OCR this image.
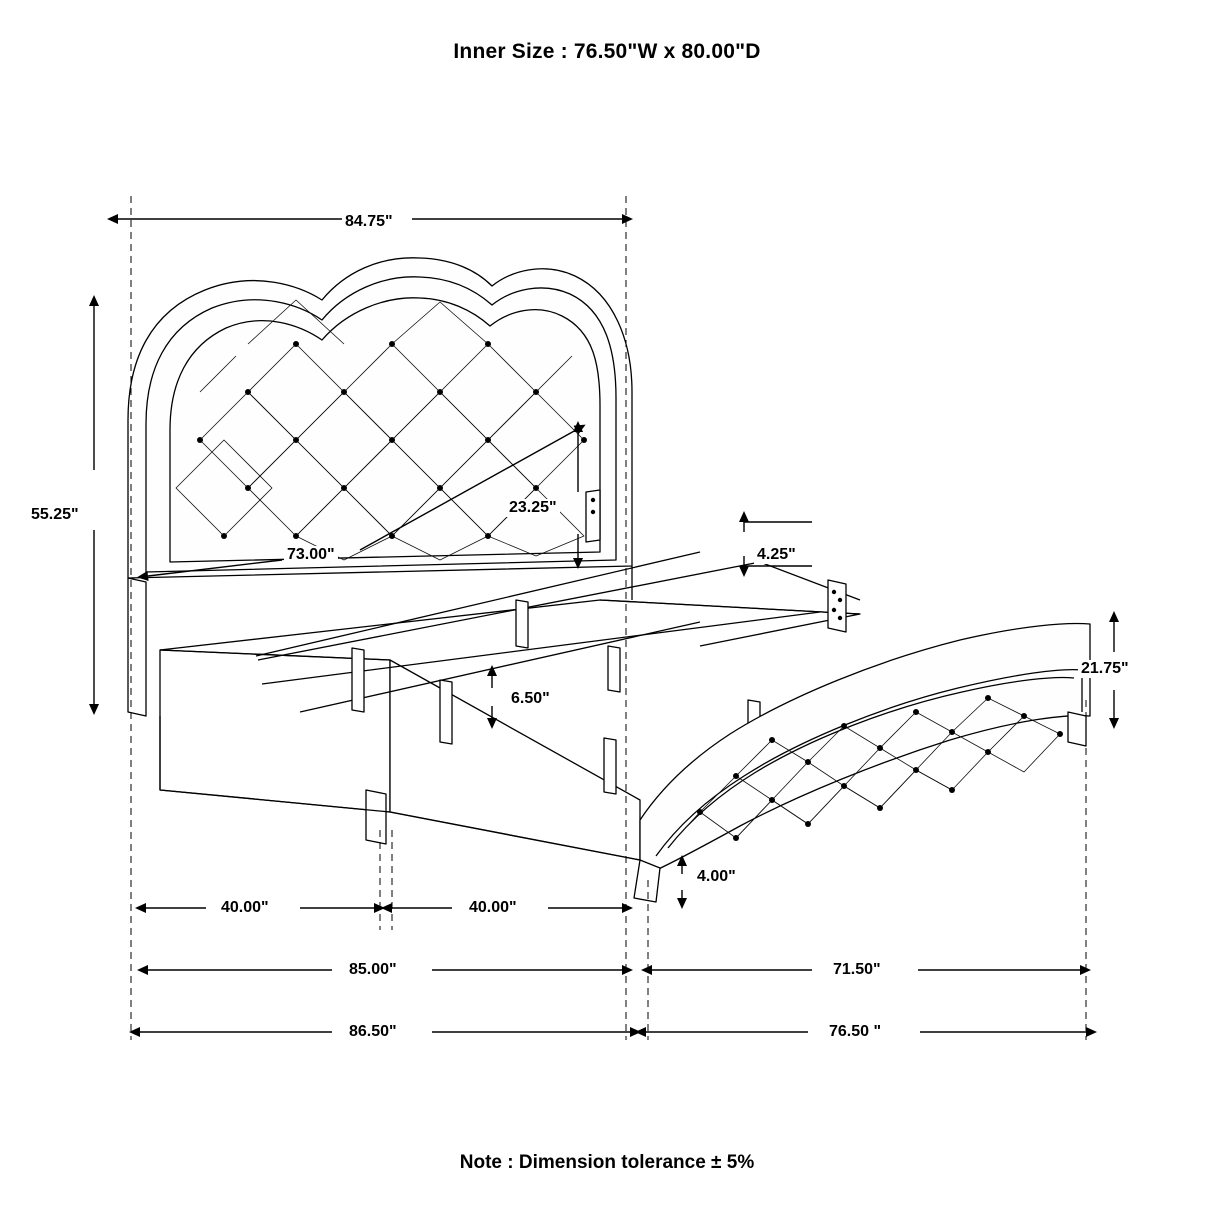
Inner Size : 76.50"W x 80.00"D
84.75"
55.25"
73.00"
23.25"
4.25"
6.50"
21.75"
4.00"
40.00"	40.00"
85.00"	71.50"
86.50"	76.50 "
Note : Dimension tolerance ± 5%
